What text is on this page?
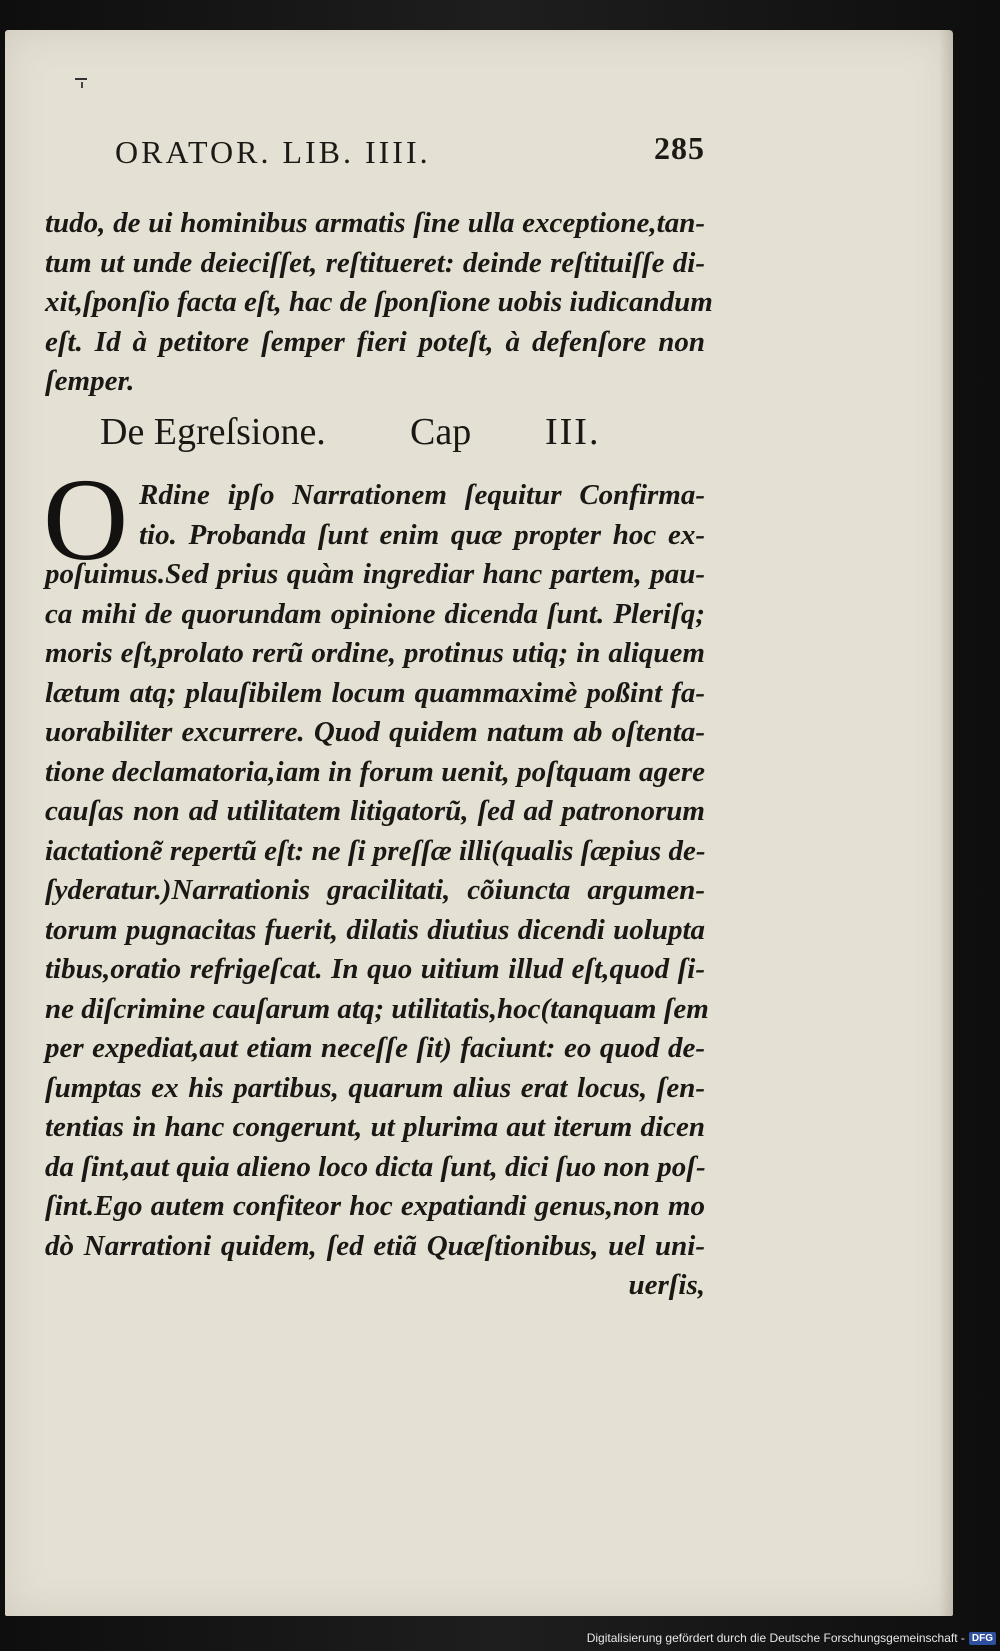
ORATOR. LIB. IIII.	285
tudo, de ui hominibus armatis ſine ulla exceptione,tan-
tum ut unde deieciſſet, reſtitueret: deinde reſtituiſſe di-
xit,ſponſio facta eſt, hac de ſponſione uobis iudicandum
eſt. Id à petitore ſemper fieri poteſt, à defenſore non
ſemper.
De Egreſsione. Cap III.
O Rdine ipſo Narrationem ſequitur Confirma-
tio. Probanda ſunt enim quæ propter hoc ex-
poſuimus.Sed prius quàm ingrediar hanc partem, pau-
ca mihi de quorundam opinione dicenda ſunt. Pleriſq;
moris eſt,prolato rerũ ordine, protinus utiq; in aliquem
lætum atq; plauſibilem locum quammaximè poßint fa-
uorabiliter excurrere. Quod quidem natum ab oſtenta-
tione declamatoria,iam in forum uenit, poſtquam agere
cauſas non ad utilitatem litigatorũ, ſed ad patronorum
iactationẽ repertũ eſt: ne ſi preſſæ illi(qualis ſæpius de-
ſyderatur.)Narrationis gracilitati, cõiuncta argumen-
torum pugnacitas fuerit, dilatis diutius dicendi uolupta
tibus,oratio refrigeſcat. In quo uitium illud eſt,quod ſi-
ne diſcrimine cauſarum atq; utilitatis,hoc(tanquam ſem
per expediat,aut etiam neceſſe ſit) faciunt: eo quod de-
ſumptas ex his partibus, quarum alius erat locus, ſen-
tentias in hanc congerunt, ut plurima aut iterum dicen
da ſint,aut quia alieno loco dicta ſunt, dici ſuo non poſ-
ſint.Ego autem confiteor hoc expatiandi genus,non mo
dò Narrationi quidem, ſed etiã Quæſtionibus, uel uni-
uerſis,
Digitalisierung gefördert durch die Deutsche Forschungsgemeinschaft - DFG
